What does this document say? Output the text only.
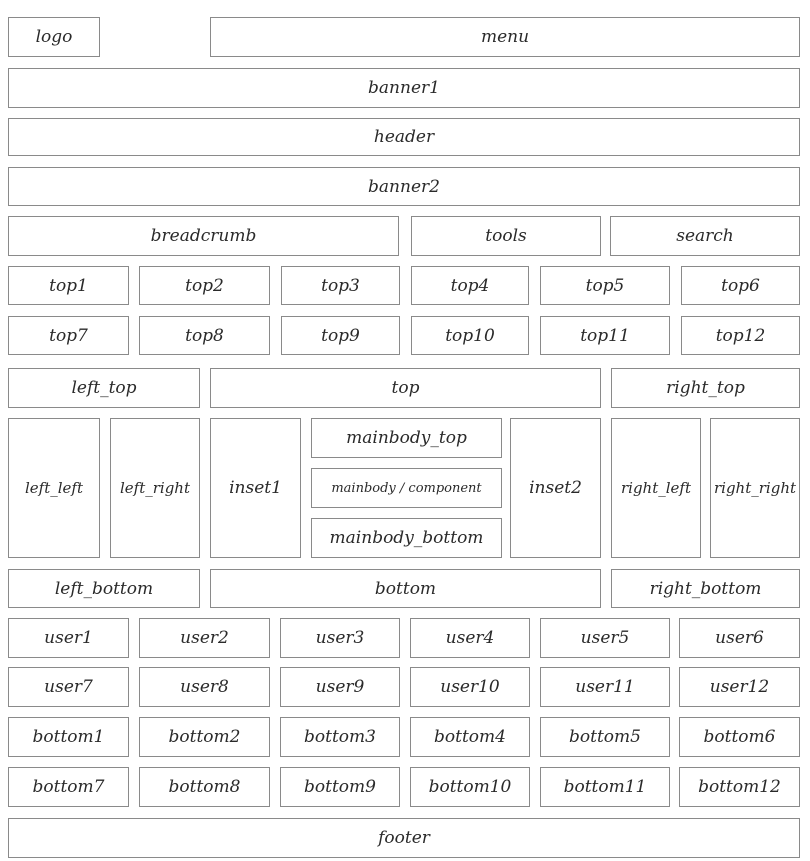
logo	menu
banner1
header
banner2
breadcrumb	tools	search
top1	top2	top3	top4	top5	top6
top7	top8	top9	top10	top11	top12
left_top	top	right_top
left_left	left_right	inset1
mainbody_top
mainbody / component
mainbody_bottom
inset2	right_left	right_right
left_bottom	bottom	right_bottom
user1	user2	user3	user4	user5	user6
user7	user8	user9	user10	user11	user12
bottom1	bottom2	bottom3	bottom4	bottom5	bottom6
bottom7	bottom8	bottom9	bottom10	bottom11	bottom12
footer
